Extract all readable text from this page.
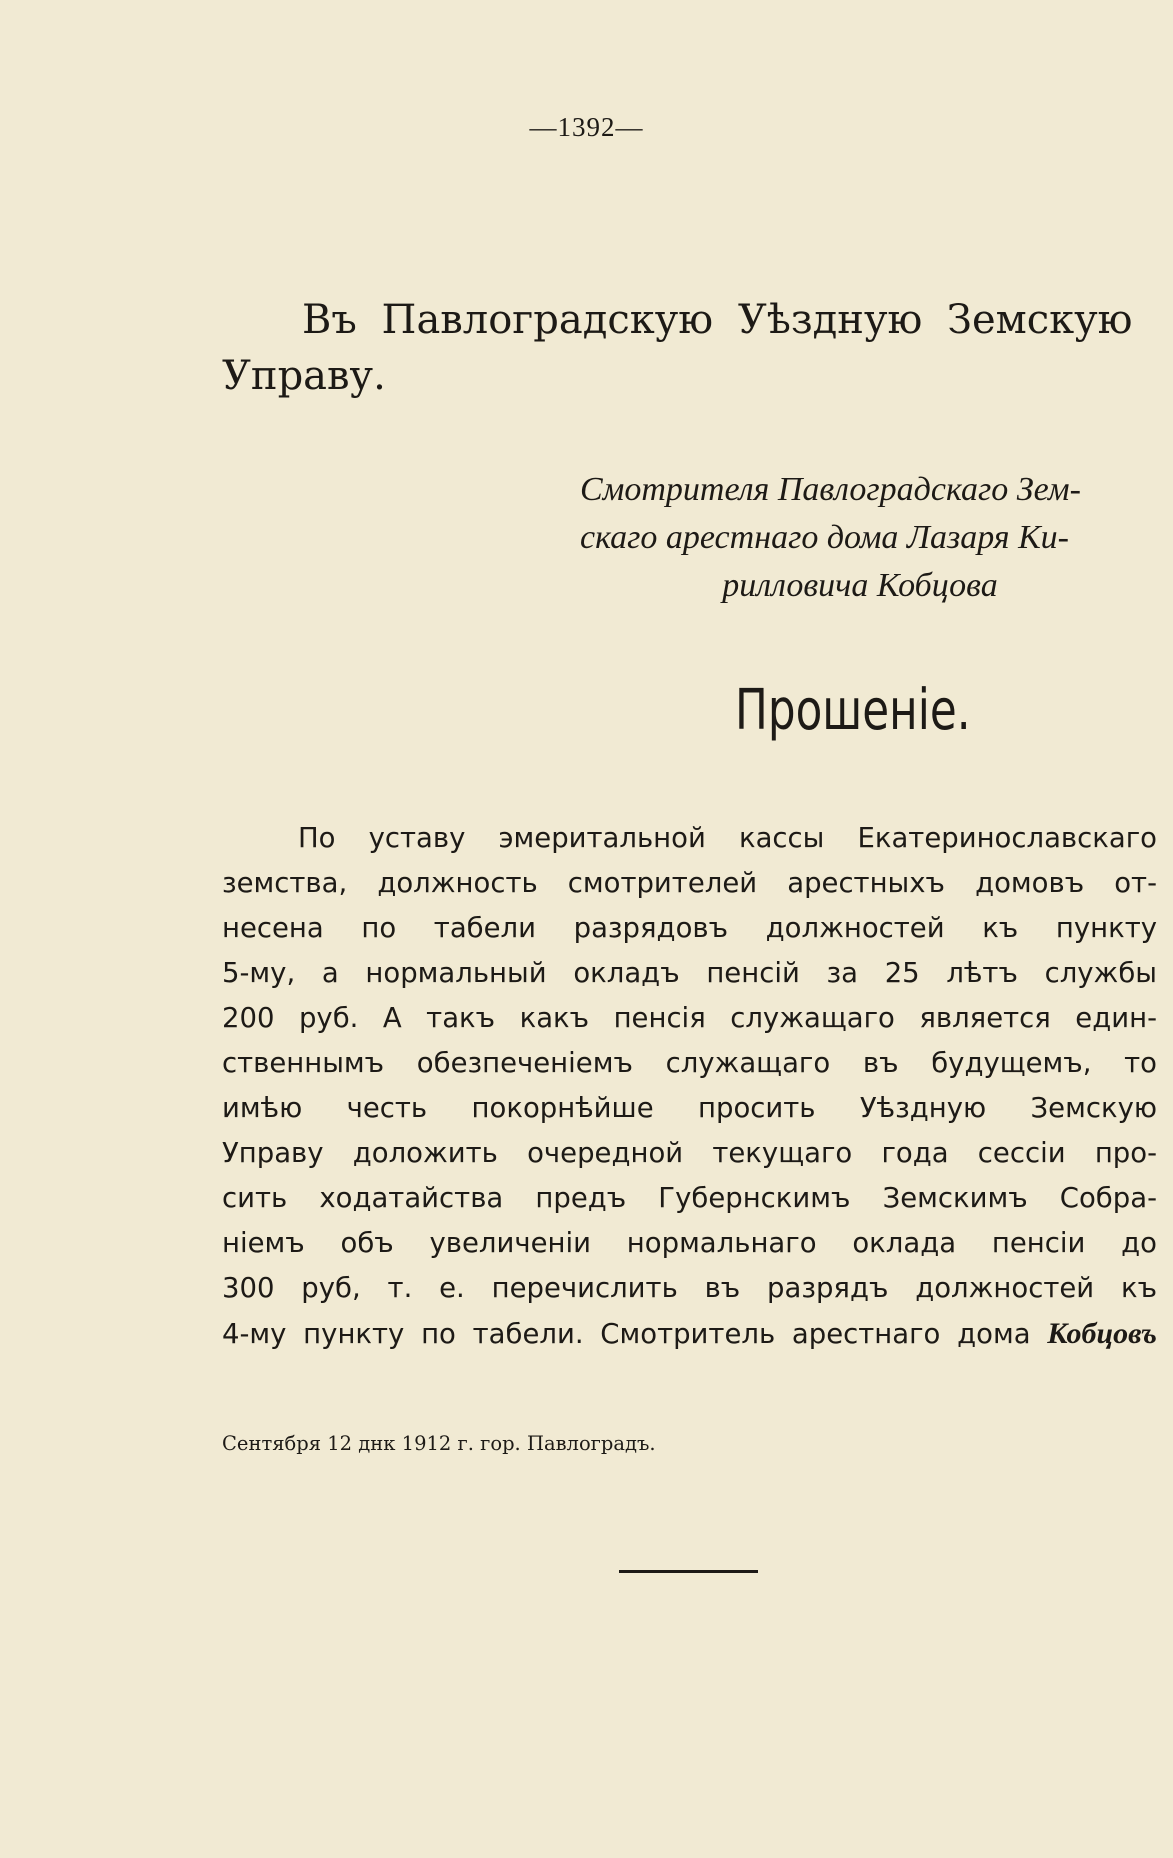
—1392—
Въ Павлоградскую Уѣздную Земскую
Управу.
Смотрителя Павлоградскаго Зем-
скаго арестнаго дома Лазаря Ки-
рилловича Кобцова
Прошеніе.
По уставу эмеритальной кассы Екатеринославскаго
земства, должность смотрителей арестныхъ домовъ от-
несена по табели разрядовъ должностей къ пункту
5-му, а нормальный окладъ пенсій за 25 лѣтъ службы
200 руб. А такъ какъ пенсія служащаго является един-
ственнымъ обезпеченіемъ служащаго въ будущемъ, то
имѣю честь покорнѣйше просить Уѣздную Земскую
Управу доложить очередной текущаго года сессіи про-
сить ходатайства предъ Губернскимъ Земскимъ Собра-
ніемъ объ увеличеніи нормальнаго оклада пенсіи до
300 руб, т. е. перечислить въ разрядъ должностей къ
4-му пункту по табели. Смотритель арестнаго дома Кобцовъ
Сентября 12 днк 1912 г. гор. Павлоградъ.
